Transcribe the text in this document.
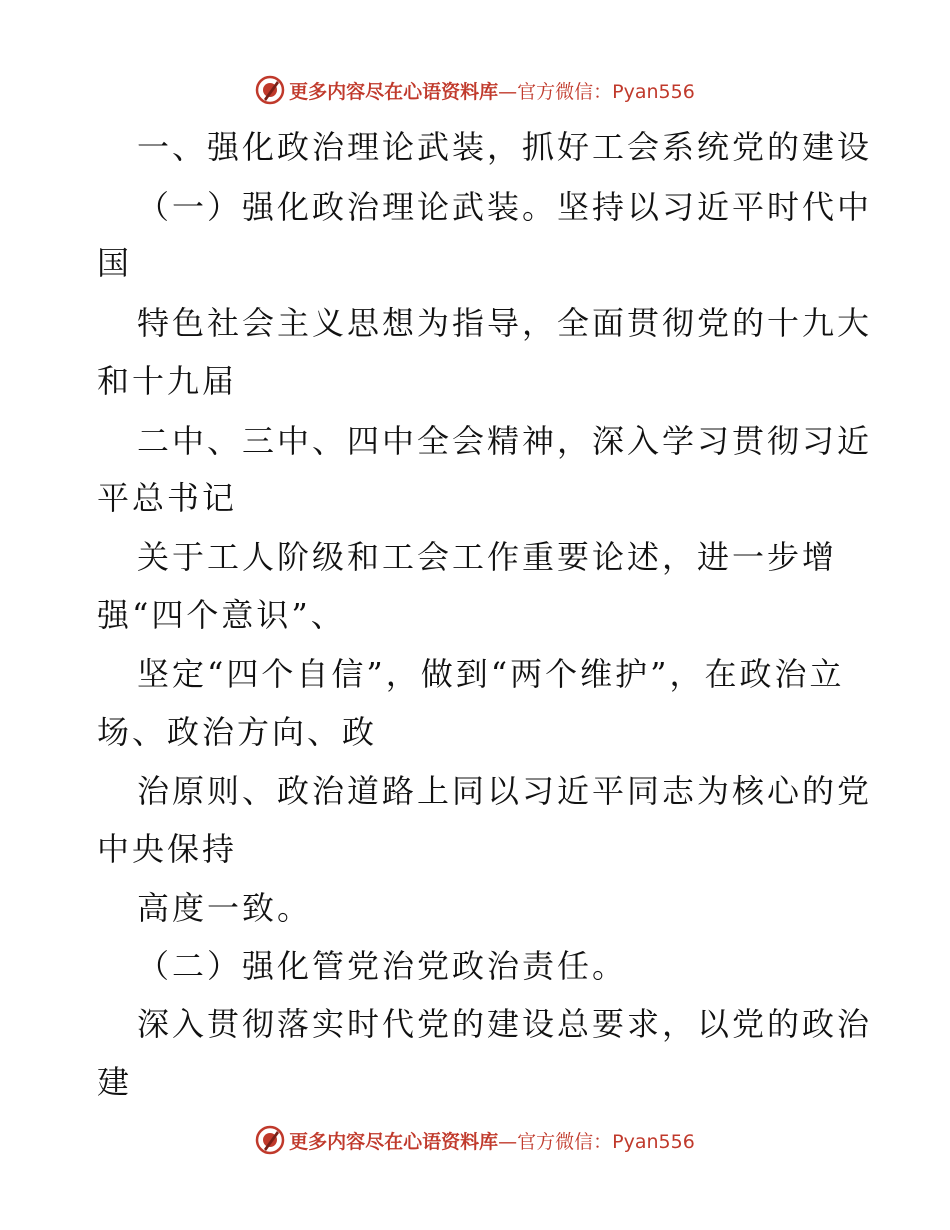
更多内容尽在心语资料库 —官方微信：Pyan556
一、强化政治理论武装，抓好工会系统党的建设
（一）强化政治理论武装。坚持以习近平时代中
国
特色社会主义思想为指导，全面贯彻党的十九大
和十九届
二中、三中、四中全会精神，深入学习贯彻习近
平总书记
关于工人阶级和工会工作重要论述，进一步增
强“四个意识”、
坚定“四个自信”，做到“两个维护”，在政治立
场、政治方向、政
治原则、政治道路上同以习近平同志为核心的党
中央保持
高度一致。
（二）强化管党治党政治责任。
深入贯彻落实时代党的建设总要求，以党的政治
建
更多内容尽在心语资料库 —官方微信：Pyan556
